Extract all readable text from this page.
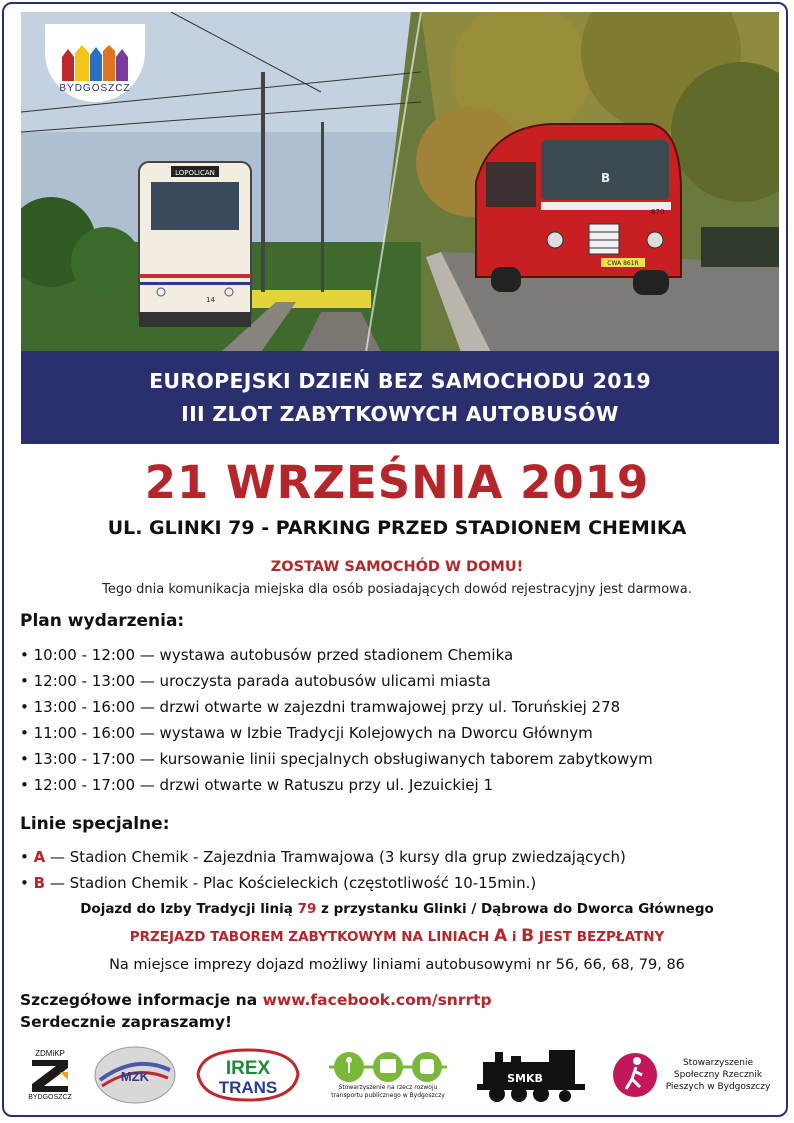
LOPOLICAN
14
CWA 861R
B
670
BYDGOSZCZ
EUROPEJSKI DZIEŃ BEZ SAMOCHODU 2019
III ZLOT ZABYTKOWYCH AUTOBUSÓW
21 WRZEŚNIA 2019
UL. GLINKI 79 - PARKING PRZED STADIONEM CHEMIKA
ZOSTAW SAMOCHÓD W DOMU!
Tego dnia komunikacja miejska dla osób posiadających dowód rejestracyjny jest darmowa.
Plan wydarzenia:
• 10:00 - 12:00 — wystawa autobusów przed stadionem Chemika
• 12:00 - 13:00 — uroczysta parada autobusów ulicami miasta
• 13:00 - 16:00 — drzwi otwarte w zajezdni tramwajowej przy ul. Toruńskiej 278
• 11:00 - 16:00 — wystawa w Izbie Tradycji Kolejowych na Dworcu Głównym
• 13:00 - 17:00 — kursowanie linii specjalnych obsługiwanych taborem zabytkowym
• 12:00 - 17:00 — drzwi otwarte w Ratuszu przy ul. Jezuickiej 1
Linie specjalne:
• A — Stadion Chemik - Zajezdnia Tramwajowa (3 kursy dla grup zwiedzających)
• B — Stadion Chemik - Plac Kościeleckich (częstotliwość 10-15min.)
Dojazd do Izby Tradycji linią 79 z przystanku Glinki / Dąbrowa do Dworca Głównego
PRZEJAZD TABOREM ZABYTKOWYM NA LINIACH A i B JEST BEZPŁATNY
Na miejsce imprezy dojazd możliwy liniami autobusowymi nr 56, 66, 68, 79, 86
Szczegółowe informacje na www.facebook.com/snrrtp
Serdecznie zapraszamy!
ZDMiKP
BYDGOSZCZ
MZK	IREX
TRANS	Stowarzyszenie na rzecz rozwoju transportu publicznego w Bydgoszczy
SMKB
Stowarzyszenie Społeczny Rzecznik Pieszych w Bydgoszczy
